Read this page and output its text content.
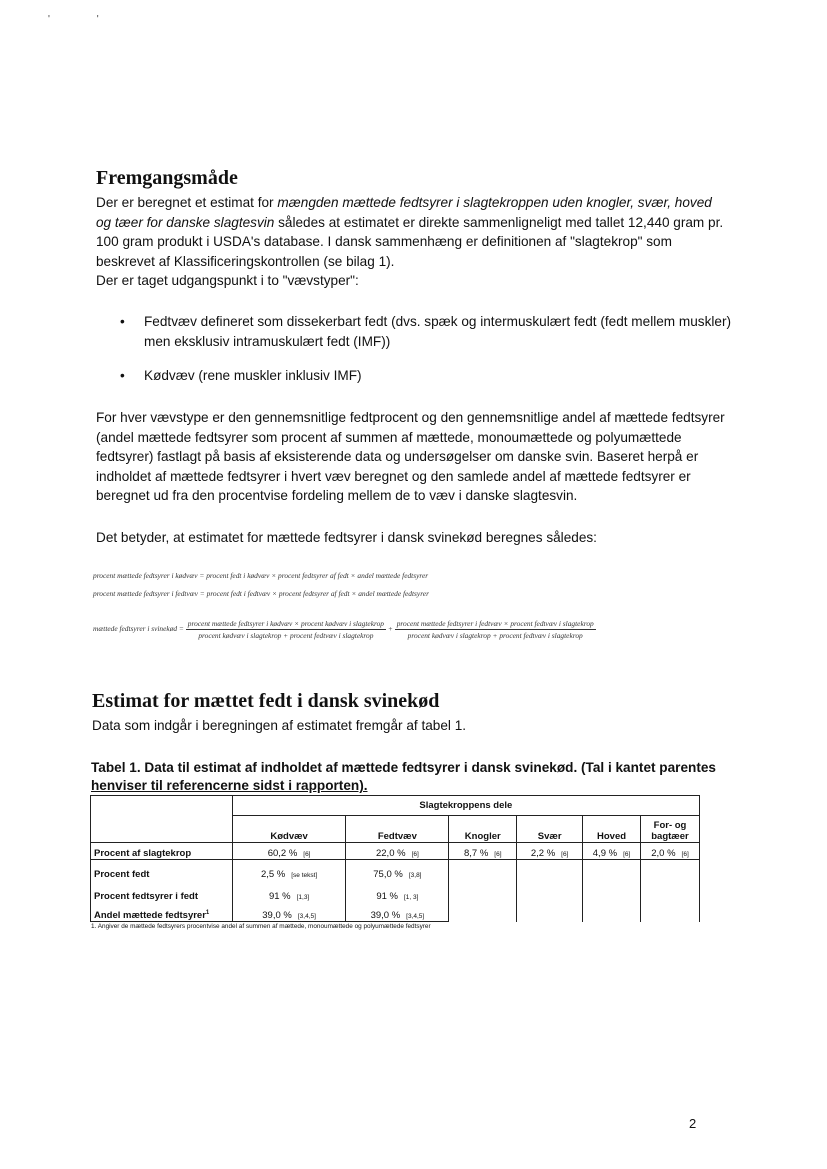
' '
Fremgangsmåde
Der er beregnet et estimat for mængden mættede fedtsyrer i slagtekroppen uden knogler, svær, hoved og tæer for danske slagtesvin således at estimatet er direkte sammenligneligt med tallet 12,440 gram pr. 100 gram produkt i USDA's database. I dansk sammenhæng er definitionen af "slagtekrop" som beskrevet af Klassificeringskontrollen (se bilag 1).
Der er taget udgangspunkt i to "vævstyper":
• Fedtvæv defineret som dissekerbart fedt (dvs. spæk og intermuskulært fedt (fedt mellem muskler) men eksklusiv intramuskulært fedt (IMF))
• Kødvæv (rene muskler inklusiv IMF)
For hver vævstype er den gennemsnitlige fedtprocent og den gennemsnitlige andel af mættede fedtsyrer (andel mættede fedtsyrer som procent af summen af mættede, monoumættede og polyumættede fedtsyrer) fastlagt på basis af eksisterende data og undersøgelser om danske svin. Baseret herpå er indholdet af mættede fedtsyrer i hvert væv beregnet og den samlede andel af mættede fedtsyrer er beregnet ud fra den procentvise fordeling mellem de to væv i danske slagtesvin.
Det betyder, at estimatet for mættede fedtsyrer i dansk svinekød beregnes således:
procent mættede fedtsyrer i kødvæv = procent fedt i kødvæv × procent fedtsyrer af fedt × andel mættede fedtsyrer
procent mættede fedtsyrer i fedtvæv = procent fedt i fedtvæv × procent fedtsyrer af fedt × andel mættede fedtsyrer
mættede fedtsyrer i svinekød =
procent mættede fedtsyrer i kødvæv × procent kødvæv i slagtekrop
procent kødvæv i slagtekrop + procent fedtvæv i slagtekrop
+
procent mættede fedtsyrer i fedtvæv × procent fedtvæv i slagtekrop
procent kødvæv i slagtekrop + procent fedtvæv i slagtekrop
Estimat for mættet fedt i dansk svinekød
Data som indgår i beregningen af estimatet fremgår af tabel 1.
Tabel 1. Data til estimat af indholdet af mættede fedtsyrer i dansk svinekød. (Tal i kantet parentes henviser til referencerne sidst i rapporten).
	Slagtekroppens dele					
	Kødvæv	Fedtvæv	Knogler	Svær	Hoved	For- og
bagtæer
Procent af slagtekrop	60,2 % [6]	22,0 % [6]	8,7 % [6]	2,2 % [6]	4,9 % [6]	2,0 % [6]
Procent fedt	2,5 % [se tekst]	75,0 % [3,8]				
Procent fedtsyrer i fedt	91 % [1,3]	91 % [1, 3]				
Andel mættede fedtsyrer$^1$	39,0 % [3,4,5]	39,0 % [3,4,5]				
1. Angiver de mættede fedtsyrers procentvise andel af summen af mættede, monoumættede og polyumættede fedtsyrer
2
